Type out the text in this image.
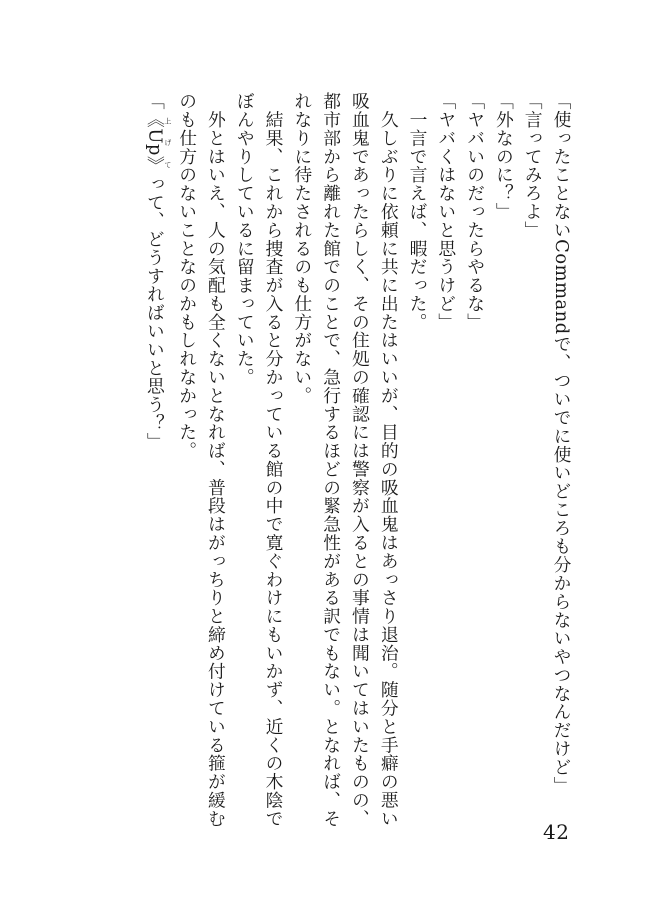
「使ったことないCommandで、ついでに使いどころも分からないやつなんだけど」
「言ってみろよ」
「外なのに？」
「ヤバいのだったらやるな」
「ヤバくはないと思うけど」
　一言で言えば、暇だった。
　久しぶりに依頼に共に出たはいいが、目的の吸血鬼はあっさり退治。随分と手癖の悪い
吸血鬼であったらしく、その住処の確認には警察が入るとの事情は聞いてはいたものの、
都市部から離れた館でのことで、急行するほどの緊急性がある訳でもない。となれば、そ
れなりに待たされるのも仕方がない。
　結果、これから捜査が入ると分かっている館の中で寛ぐわけにもいかず、近くの木陰で
ぼんやりしているに留まっていた。
　外とはいえ、人の気配も全くないとなれば、普段はがっちりと締め付けている箍が緩む
のも仕方のないことなのかもしれなかった。
「《Up》上げてって、どうすればいいと思う？」
42
